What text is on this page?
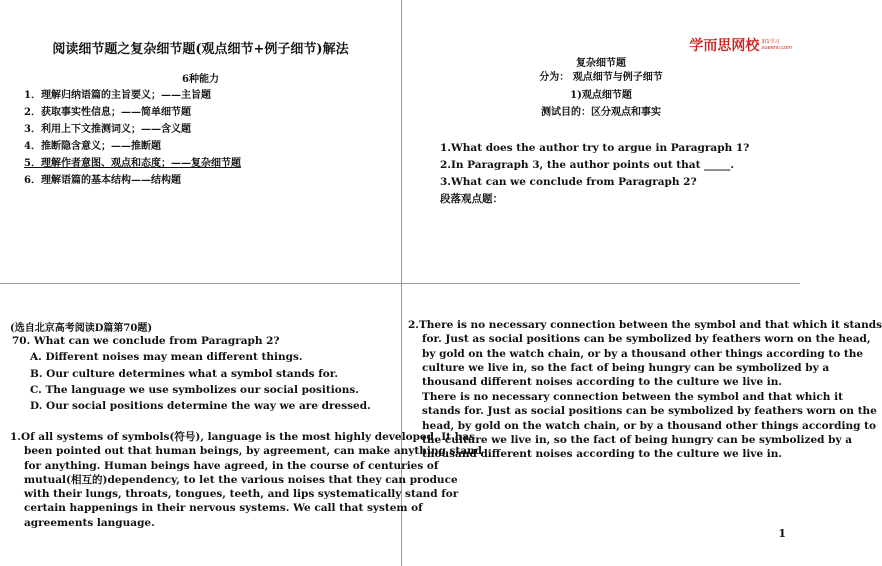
阅读细节题之复杂细节题(观点细节+例子细节)解法
6种能力
1．理解归纳语篇的主旨要义；——主旨题
2．获取事实性信息；——简单细节题
3．利用上下文推测词义；——含义题
4．推断隐含意义；——推断题
5．理解作者意图、观点和态度；——复杂细节题
6．理解语篇的基本结构——结构题
学而思网校 第1学习
xueersi.com
复杂细节题
分为： 观点细节与例子细节
1)观点细节题
测试目的：区分观点和事实
1.What does the author try to argue in Paragraph 1?
2.In Paragraph 3, the author points out that _____.
3.What can we conclude from Paragraph 2?
段落观点题：
(选自北京高考阅读D篇第70题)
70. What can we conclude from Paragraph 2?
A. Different noises may mean different things.
B. Our culture determines what a symbol stands for.
C. The language we use symbolizes our social positions.
D. Our social positions determine the way we are dressed.
1.Of all systems of symbols(符号), language is the most highly developed. It has
been pointed out that human beings, by agreement, can make anything stand
for anything. Human beings have agreed, in the course of centuries of
mutual(相互的)dependency, to let the various noises that they can produce
with their lungs, throats, tongues, teeth, and lips systematically stand for
certain happenings in their nervous systems. We call that system of
agreements language.
2.There is no necessary connection between the symbol and that which it stands
for. Just as social positions can be symbolized by feathers worn on the head,
by gold on the watch chain, or by a thousand other things according to the
culture we live in, so the fact of being hungry can be symbolized by a
thousand different noises according to the culture we live in.
There is no necessary connection between the symbol and that which it
stands for. Just as social positions can be symbolized by feathers worn on the
head, by gold on the watch chain, or by a thousand other things according to
the culture we live in, so the fact of being hungry can be symbolized by a
thousand different noises according to the culture we live in.
1
